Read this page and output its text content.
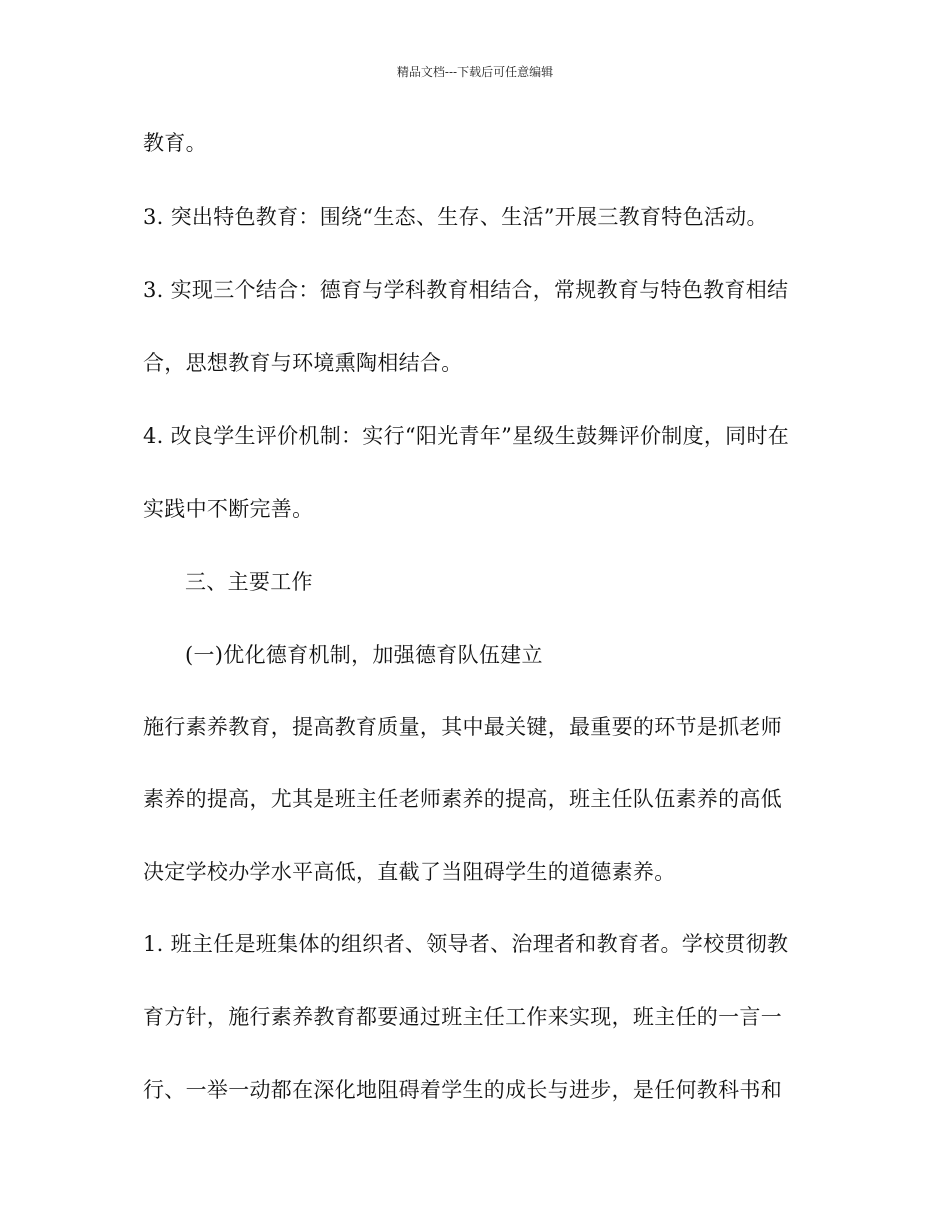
精品文档---下载后可任意编辑
教育。
3. 突出特色教育：围绕“生态、生存、生活”开展三教育特色活动。
3. 实现三个结合：德育与学科教育相结合，常规教育与特色教育相结
合，思想教育与环境熏陶相结合。
4. 改良学生评价机制：实行“阳光青年”星级生鼓舞评价制度，同时在
实践中不断完善。
三、主要工作
(一)优化德育机制，加强德育队伍建立
施行素养教育，提高教育质量，其中最关键，最重要的环节是抓老师
素养的提高，尤其是班主任老师素养的提高，班主任队伍素养的高低
决定学校办学水平高低，直截了当阻碍学生的道德素养。
1. 班主任是班集体的组织者、领导者、治理者和教育者。学校贯彻教
育方针，施行素养教育都要通过班主任工作来实现，班主任的一言一
行、一举一动都在深化地阻碍着学生的成长与进步，是任何教科书和
